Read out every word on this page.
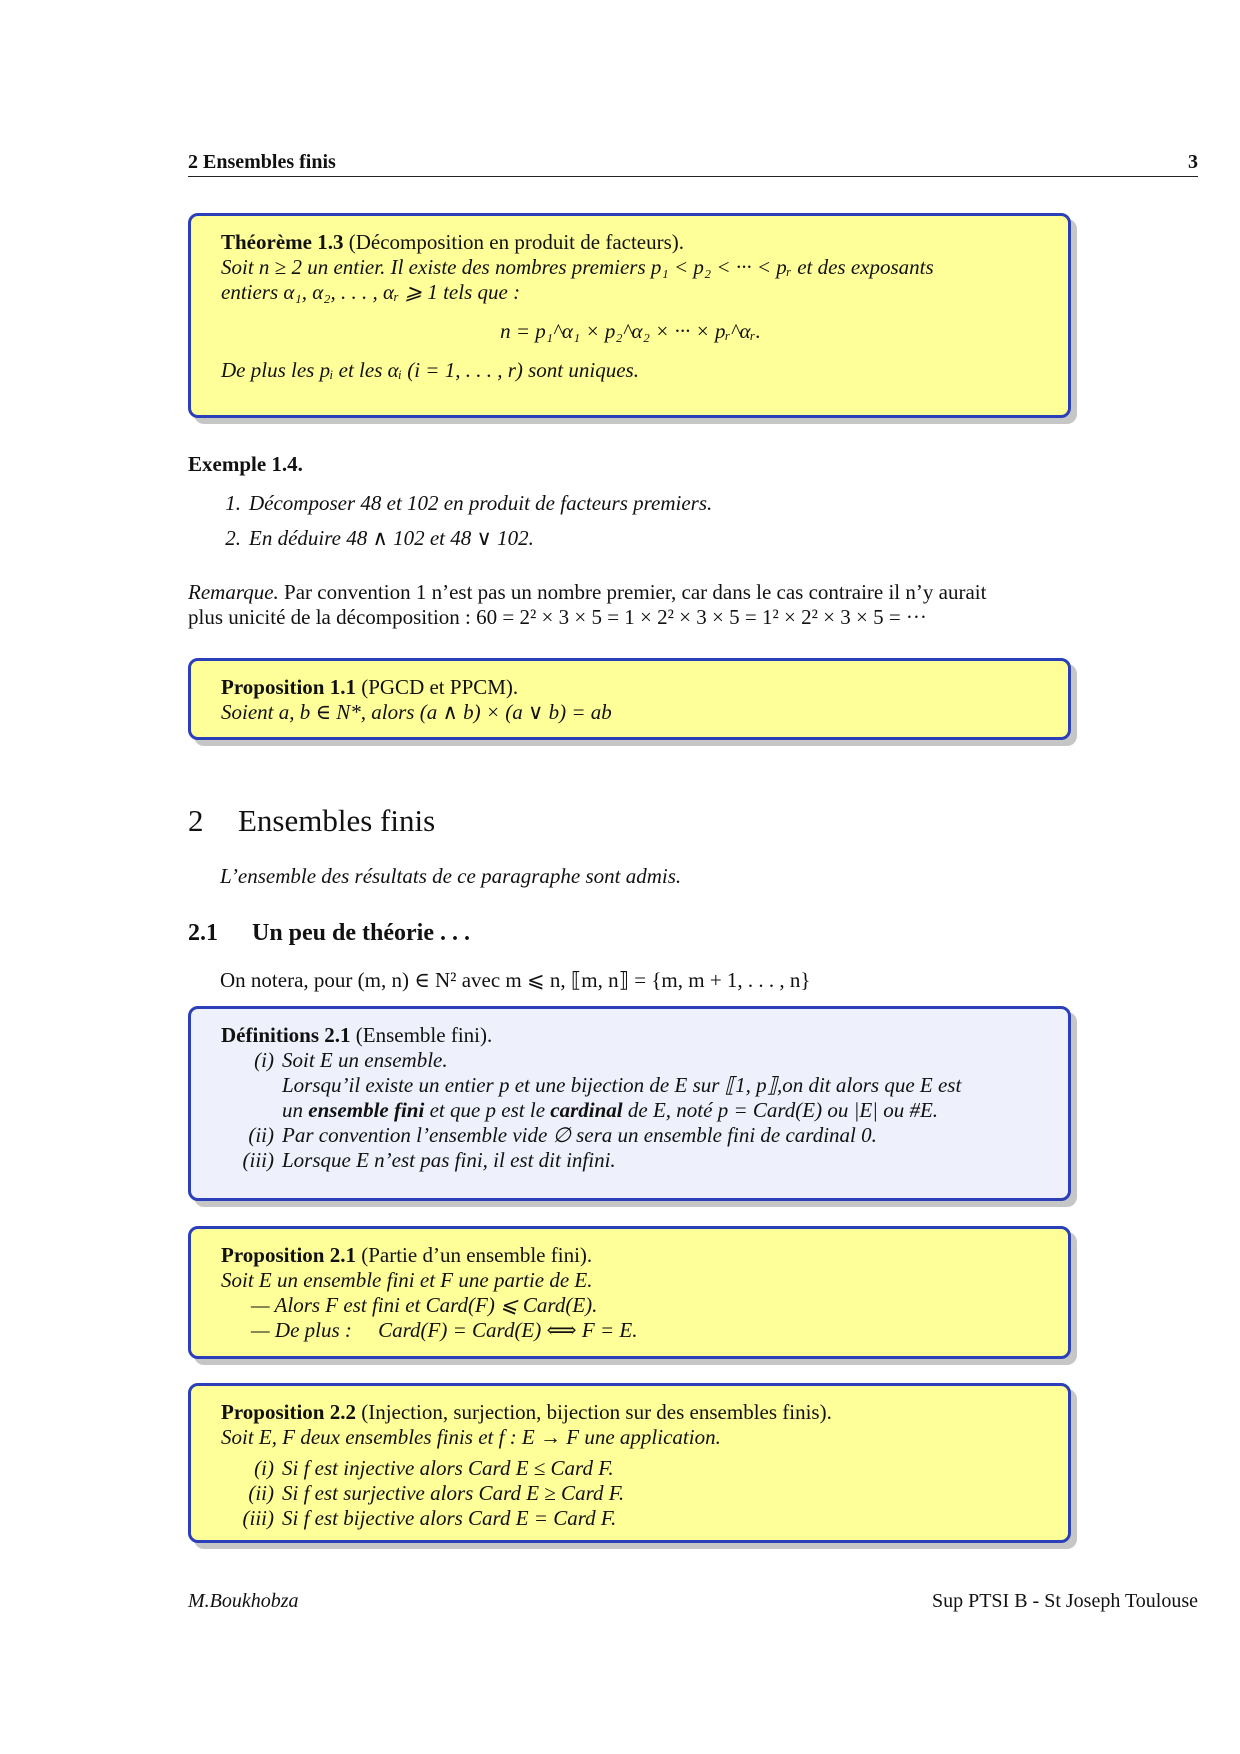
2 Ensembles finis	3
Théorème 1.3 (Décomposition en produit de facteurs).
Soit n ≥ 2 un entier. Il existe des nombres premiers p₁ < p₂ < ··· < pᵣ et des exposants
entiers α₁, α₂, . . . , αᵣ ⩾ 1 tels que :
n = p₁^α₁ × p₂^α₂ × ··· × pᵣ^αᵣ.
De plus les pᵢ et les αᵢ (i = 1, . . . , r) sont uniques.
Exemple 1.4.
1. Décomposer 48 et 102 en produit de facteurs premiers.
2. En déduire 48 ∧ 102 et 48 ∨ 102.
Remarque. Par convention 1 n’est pas un nombre premier, car dans le cas contraire il n’y aurait
plus unicité de la décomposition : 60 = 2² × 3 × 5 = 1 × 2² × 3 × 5 = 1² × 2² × 3 × 5 = ···
Proposition 1.1 (PGCD et PPCM).
Soient a, b ∈ N*, alors (a ∧ b) × (a ∨ b) = ab
2 Ensembles finis
L’ensemble des résultats de ce paragraphe sont admis.
2.1 Un peu de théorie . . .
On notera, pour (m, n) ∈ N² avec m ⩽ n, ⟦m, n⟧ = {m, m + 1, . . . , n}
Définitions 2.1 (Ensemble fini).
(i) Soit E un ensemble.
Lorsqu’il existe un entier p et une bijection de E sur ⟦1, p⟧,on dit alors que E est
un ensemble fini et que p est le cardinal de E, noté p = Card(E) ou |E| ou #E.
(ii) Par convention l’ensemble vide ∅ sera un ensemble fini de cardinal 0.
(iii) Lorsque E n’est pas fini, il est dit infini.
Proposition 2.1 (Partie d’un ensemble fini).
Soit E un ensemble fini et F une partie de E.
— Alors F est fini et Card(F) ⩽ Card(E).
— De plus :     Card(F) = Card(E) ⟺ F = E.
Proposition 2.2 (Injection, surjection, bijection sur des ensembles finis).
Soit E, F deux ensembles finis et f : E → F une application.
(i) Si f est injective alors Card E ≤ Card F.
(ii) Si f est surjective alors Card E ≥ Card F.
(iii) Si f est bijective alors Card E = Card F.
M.Boukhobza	Sup PTSI B - St Joseph Toulouse
